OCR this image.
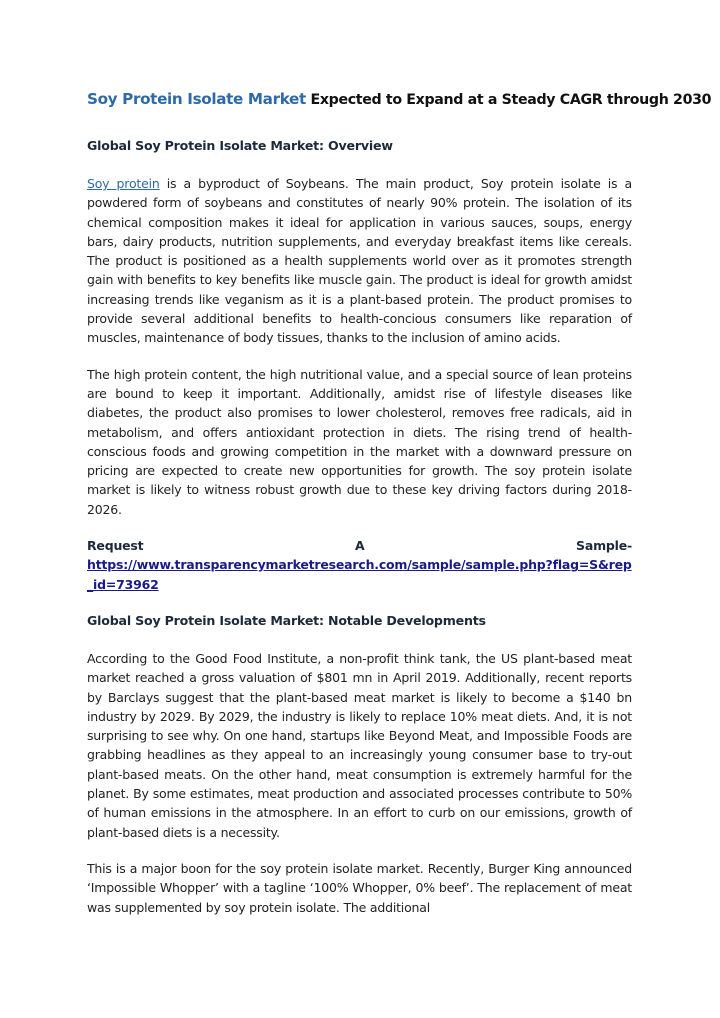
Soy Protein Isolate Market Expected to Expand at a Steady CAGR through 2030
Global Soy Protein Isolate Market: Overview

Soy protein is a byproduct of Soybeans. The main product, Soy protein isolate is a powdered form of soybeans and constitutes of nearly 90% protein. The isolation of its chemical composition makes it ideal for application in various sauces, soups, energy bars, dairy products, nutrition supplements, and everyday breakfast items like cereals. The product is positioned as a health supplements world over as it promotes strength gain with benefits to key benefits like muscle gain. The product is ideal for growth amidst increasing trends like veganism as it is a plant-based protein. The product promises to provide several additional benefits to health-concious consumers like reparation of muscles, maintenance of body tissues, thanks to the inclusion of amino acids.

The high protein content, the high nutritional value, and a special source of lean proteins are bound to keep it important. Additionally, amidst rise of lifestyle diseases like diabetes, the product also promises to lower cholesterol, removes free radicals, aid in metabolism, and offers antioxidant protection in diets. The rising trend of health-conscious foods and growing competition in the market with a downward pressure on pricing are expected to create new opportunities for growth. The soy protein isolate market is likely to witness robust growth due to these key driving factors during 2018-2026.

Request	A	Sample-
https://www.transparencymarketresearch.com/sample/sample.php?flag=S&rep_id=73962
Global Soy Protein Isolate Market: Notable Developments

According to the Good Food Institute, a non-profit think tank, the US plant-based meat market reached a gross valuation of $801 mn in April 2019. Additionally, recent reports by Barclays suggest that the plant-based meat market is likely to become a $140 bn industry by 2029. By 2029, the industry is likely to replace 10% meat diets. And, it is not surprising to see why. On one hand, startups like Beyond Meat, and Impossible Foods are grabbing headlines as they appeal to an increasingly young consumer base to try-out plant-based meats. On the other hand, meat consumption is extremely harmful for the planet. By some estimates, meat production and associated processes contribute to 50% of human emissions in the atmosphere. In an effort to curb on our emissions, growth of plant-based diets is a necessity.

This is a major boon for the soy protein isolate market. Recently, Burger King announced ‘Impossible Whopper’ with a tagline ‘100% Whopper, 0% beef’. The replacement of meat was supplemented by soy protein isolate. The additional
